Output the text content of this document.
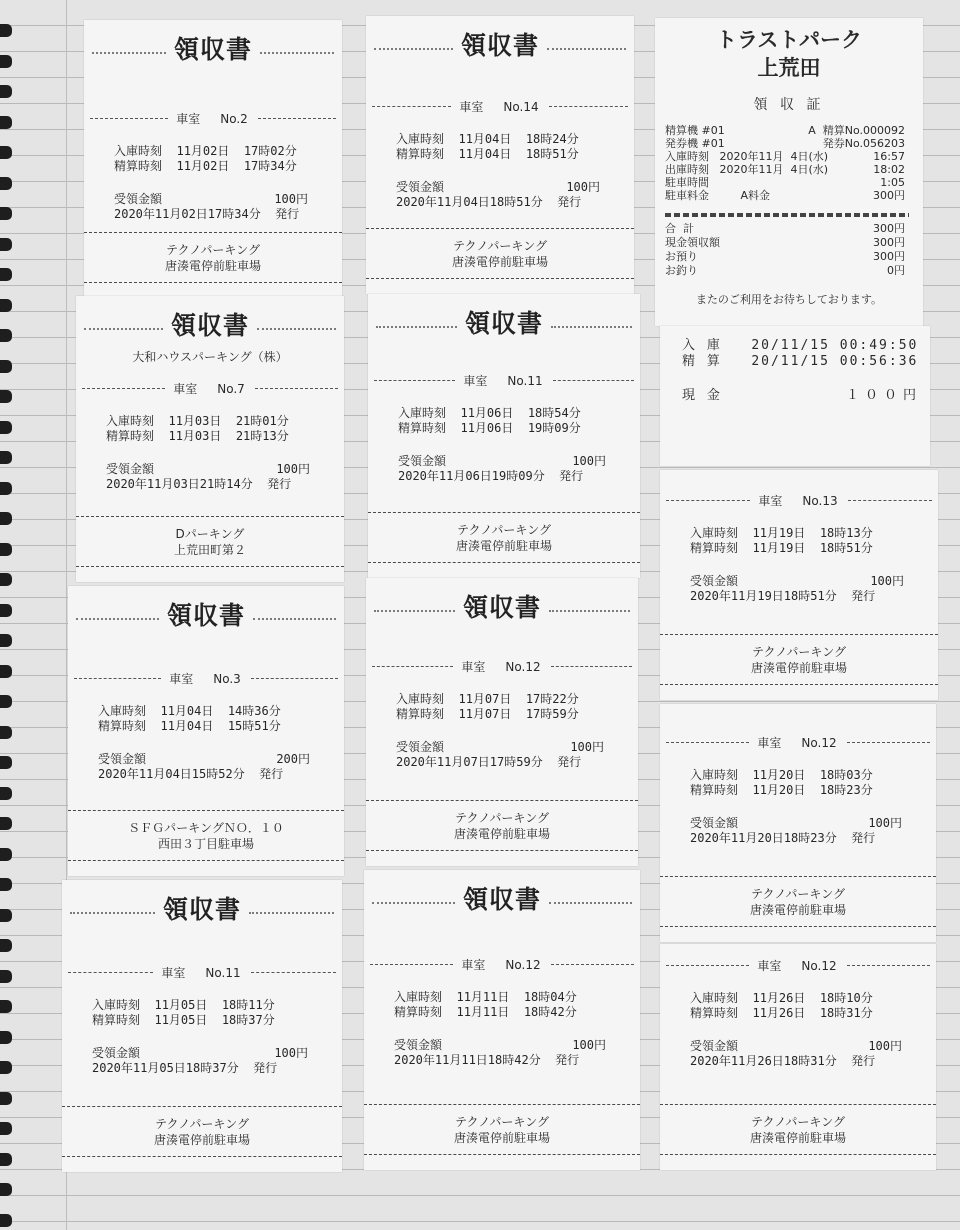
領収書
車室	No.2
入庫時刻 11月02日 17時02分
精算時刻 11月02日 17時34分
受領金額	100円
2020年11月02日17時34分 発行
テクノパーキング
唐湊電停前駐車場
領収書
車室	No.14
入庫時刻 11月04日 18時24分
精算時刻 11月04日 18時51分
受領金額	100円
2020年11月04日18時51分 発行
テクノパーキング
唐湊電停前駐車場
領収書
大和ハウスパーキング（株）
車室	No.7
入庫時刻 11月03日 21時01分
精算時刻 11月03日 21時13分
受領金額	100円
2020年11月03日21時14分 発行
Dパーキング
上荒田町第２
領収書
車室	No.11
入庫時刻 11月06日 18時54分
精算時刻 11月06日 19時09分
受領金額	100円
2020年11月06日19時09分 発行
テクノパーキング
唐湊電停前駐車場
領収書
車室	No.3
入庫時刻 11月04日 14時36分
精算時刻 11月04日 15時51分
受領金額	200円
2020年11月04日15時52分 発行
ＳＦＧパーキングＮＯ．１０
西田３丁目駐車場
領収書
車室	No.12
入庫時刻 11月07日 17時22分
精算時刻 11月07日 17時59分
受領金額	100円
2020年11月07日17時59分 発行
テクノパーキング
唐湊電停前駐車場
領収書
車室	No.11
入庫時刻 11月05日 18時11分
精算時刻 11月05日 18時37分
受領金額	100円
2020年11月05日18時37分 発行
テクノパーキング
唐湊電停前駐車場
領収書
車室	No.12
入庫時刻 11月11日 18時04分
精算時刻 11月11日 18時42分
受領金額	100円
2020年11月11日18時42分 発行
テクノパーキング
唐湊電停前駐車場
車室	No.13
入庫時刻 11月19日 18時13分
精算時刻 11月19日 18時51分
受領金額	100円
2020年11月19日18時51分 発行
テクノパーキング
唐湊電停前駐車場
車室	No.12
入庫時刻 11月20日 18時03分
精算時刻 11月20日 18時23分
受領金額	100円
2020年11月20日18時23分 発行
テクノパーキング
唐湊電停前駐車場
車室	No.12
入庫時刻 11月26日 18時10分
精算時刻 11月26日 18時31分
受領金額	100円
2020年11月26日18時31分 発行
テクノパーキング
唐湊電停前駐車場
トラストパーク
上荒田
領 収 証
精算機 #01	A  精算No.000092
発券機 #01	発券No.056203
入庫時刻   2020年11月  4日(水)	16:57
出庫時刻   2020年11月  4日(水)	18:02
駐車時間	1:05
駐車料金         A料金	300円
合  計	300円
現金領収額	300円
お預り	300円
お釣り	0円
またのご利用をお待ちしております。
入 庫 20/11/15 00:49:50
精 算 20/11/15 00:56:36
現 金	１００円
